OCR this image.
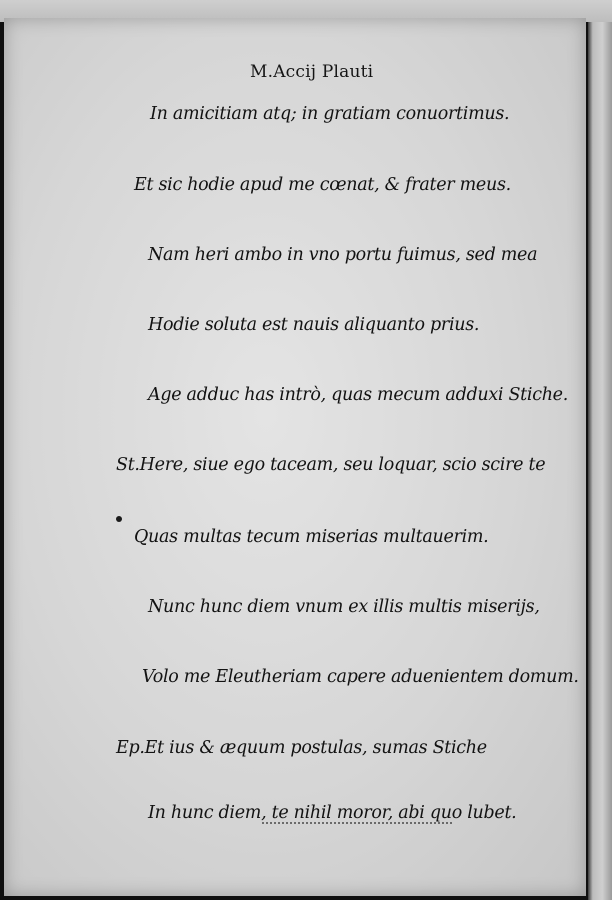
M.Accij Plauti
In amicitiam atq; in gratiam conuortimus.
Et sic hodie apud me cœnat, & frater meus.
Nam heri ambo in vno portu fuimus, sed mea
Hodie soluta est nauis aliquanto prius.
Age adduc has intrò, quas mecum adduxi Stiche.
St.Here, siue ego taceam, seu loquar, scio scire te
Quas multas tecum miserias multauerim.
Nunc hunc diem vnum ex illis multis miserijs,
Volo me Eleutheriam capere aduenientem domum.
Ep.Et ius & æquum postulas, sumas Stiche
In hunc diem, te nihil moror, abi quo lubet.
